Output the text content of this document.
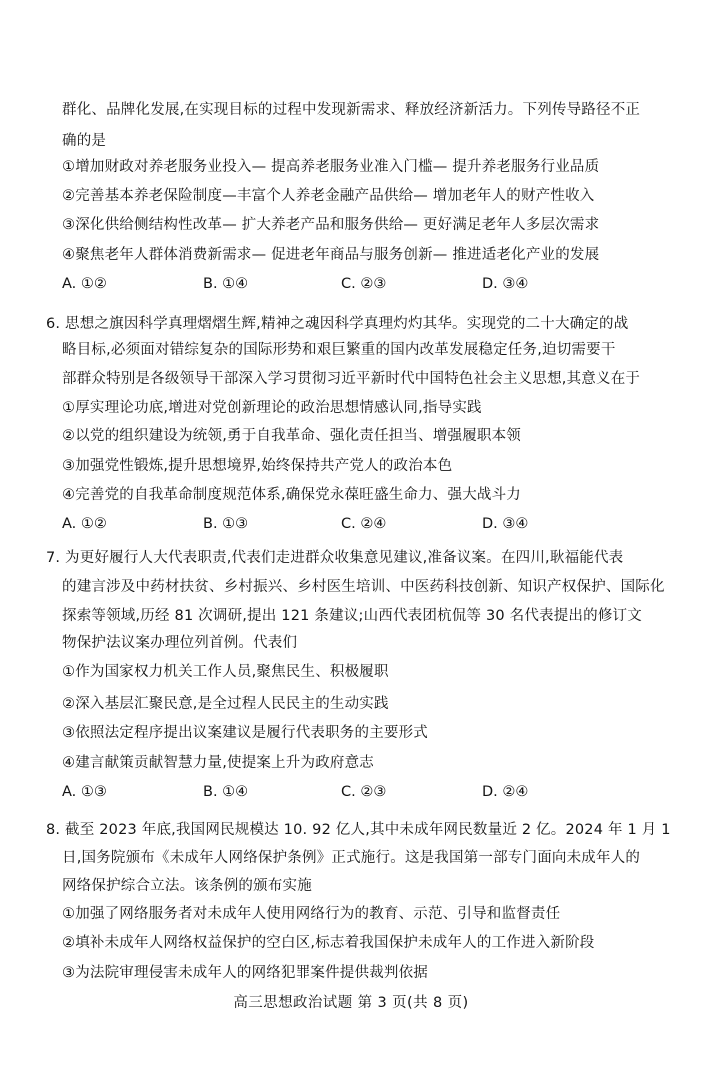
群化、品牌化发展,在实现目标的过程中发现新需求、释放经济新活力。下列传导路径不正
确的是
①增加财政对养老服务业投入— 提高养老服务业准入门槛— 提升养老服务行业品质
②完善基本养老保险制度—丰富个人养老金融产品供给— 增加老年人的财产性收入
③深化供给侧结构性改革— 扩大养老产品和服务供给— 更好满足老年人多层次需求
④聚焦老年人群体消费新需求— 促进老年商品与服务创新— 推进适老化产业的发展
A. ①②	B. ①④	C. ②③	D. ③④
6. 思想之旗因科学真理熠熠生辉,精神之魂因科学真理灼灼其华。实现党的二十大确定的战
略目标,必须面对错综复杂的国际形势和艰巨繁重的国内改革发展稳定任务,迫切需要干
部群众特别是各级领导干部深入学习贯彻习近平新时代中国特色社会主义思想,其意义在于
①厚实理论功底,增进对党创新理论的政治思想情感认同,指导实践
②以党的组织建设为统领,勇于自我革命、强化责任担当、增强履职本领
③加强党性锻炼,提升思想境界,始终保持共产党人的政治本色
④完善党的自我革命制度规范体系,确保党永葆旺盛生命力、强大战斗力
A. ①②	B. ①③	C. ②④	D. ③④
7. 为更好履行人大代表职责,代表们走进群众收集意见建议,准备议案。在四川,耿福能代表
的建言涉及中药材扶贫、乡村振兴、乡村医生培训、中医药科技创新、知识产权保护、国际化
探索等领域,历经 81 次调研,提出 121 条建议;山西代表团杭侃等 30 名代表提出的修订文
物保护法议案办理位列首例。代表们
①作为国家权力机关工作人员,聚焦民生、积极履职
②深入基层汇聚民意,是全过程人民民主的生动实践
③依照法定程序提出议案建议是履行代表职务的主要形式
④建言献策贡献智慧力量,使提案上升为政府意志
A. ①③	B. ①④	C. ②③	D. ②④
8. 截至 2023 年底,我国网民规模达 10. 92 亿人,其中未成年网民数量近 2 亿。2024 年 1 月 1
日,国务院颁布《未成年人网络保护条例》正式施行。这是我国第一部专门面向未成年人的
网络保护综合立法。该条例的颁布实施
①加强了网络服务者对未成年人使用网络行为的教育、示范、引导和监督责任
②填补未成年人网络权益保护的空白区,标志着我国保护未成年人的工作进入新阶段
③为法院审理侵害未成年人的网络犯罪案件提供裁判依据
高三思想政治试题 第 3 页(共 8 页)
